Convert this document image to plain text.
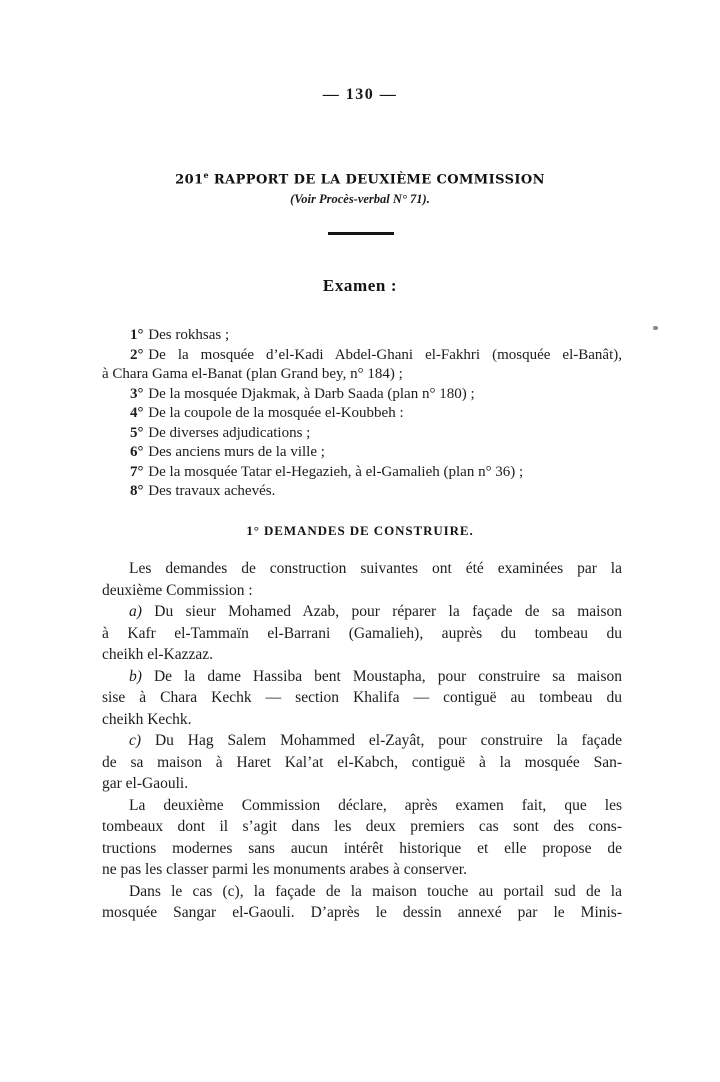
— 130 —
201e RAPPORT DE LA DEUXIÈME COMMISSION
(Voir Procès-verbal N° 71).
Examen :
1° Des rokhsas ;
2° De la mosquée d’el-Kadi Abdel-Ghani el-Fakhri (mosquée el-Banât),
à Chara Gama el-Banat (plan Grand bey, n° 184) ;
3° De la mosquée Djakmak, à Darb Saada (plan n° 180) ;
4° De la coupole de la mosquée el-Koubbeh :
5° De diverses adjudications ;
6° Des anciens murs de la ville ;
7° De la mosquée Tatar el-Hegazieh, à el-Gamalieh (plan n° 36) ;
8° Des travaux achevés.
1° DEMANDES DE CONSTRUIRE.
Les demandes de construction suivantes ont été examinées par la
deuxième Commission :
a) Du sieur Mohamed Azab, pour réparer la façade de sa maison
à Kafr el-Tammaïn el-Barrani (Gamalieh), auprès du tombeau du
cheikh el-Kazzaz.
b) De la dame Hassiba bent Moustapha, pour construire sa maison
sise à Chara Kechk — section Khalifa — contiguë au tombeau du
cheikh Kechk.
c) Du Hag Salem Mohammed el-Zayât, pour construire la façade
de sa maison à Haret Kal’at el-Kabch, contiguë à la mosquée San-
gar el-Gaouli.
La deuxième Commission déclare, après examen fait, que les
tombeaux dont il s’agit dans les deux premiers cas sont des cons-
tructions modernes sans aucun intérêt historique et elle propose de
ne pas les classer parmi les monuments arabes à conserver.
Dans le cas (c), la façade de la maison touche au portail sud de la
mosquée Sangar el-Gaouli. D’après le dessin annexé par le Minis-
